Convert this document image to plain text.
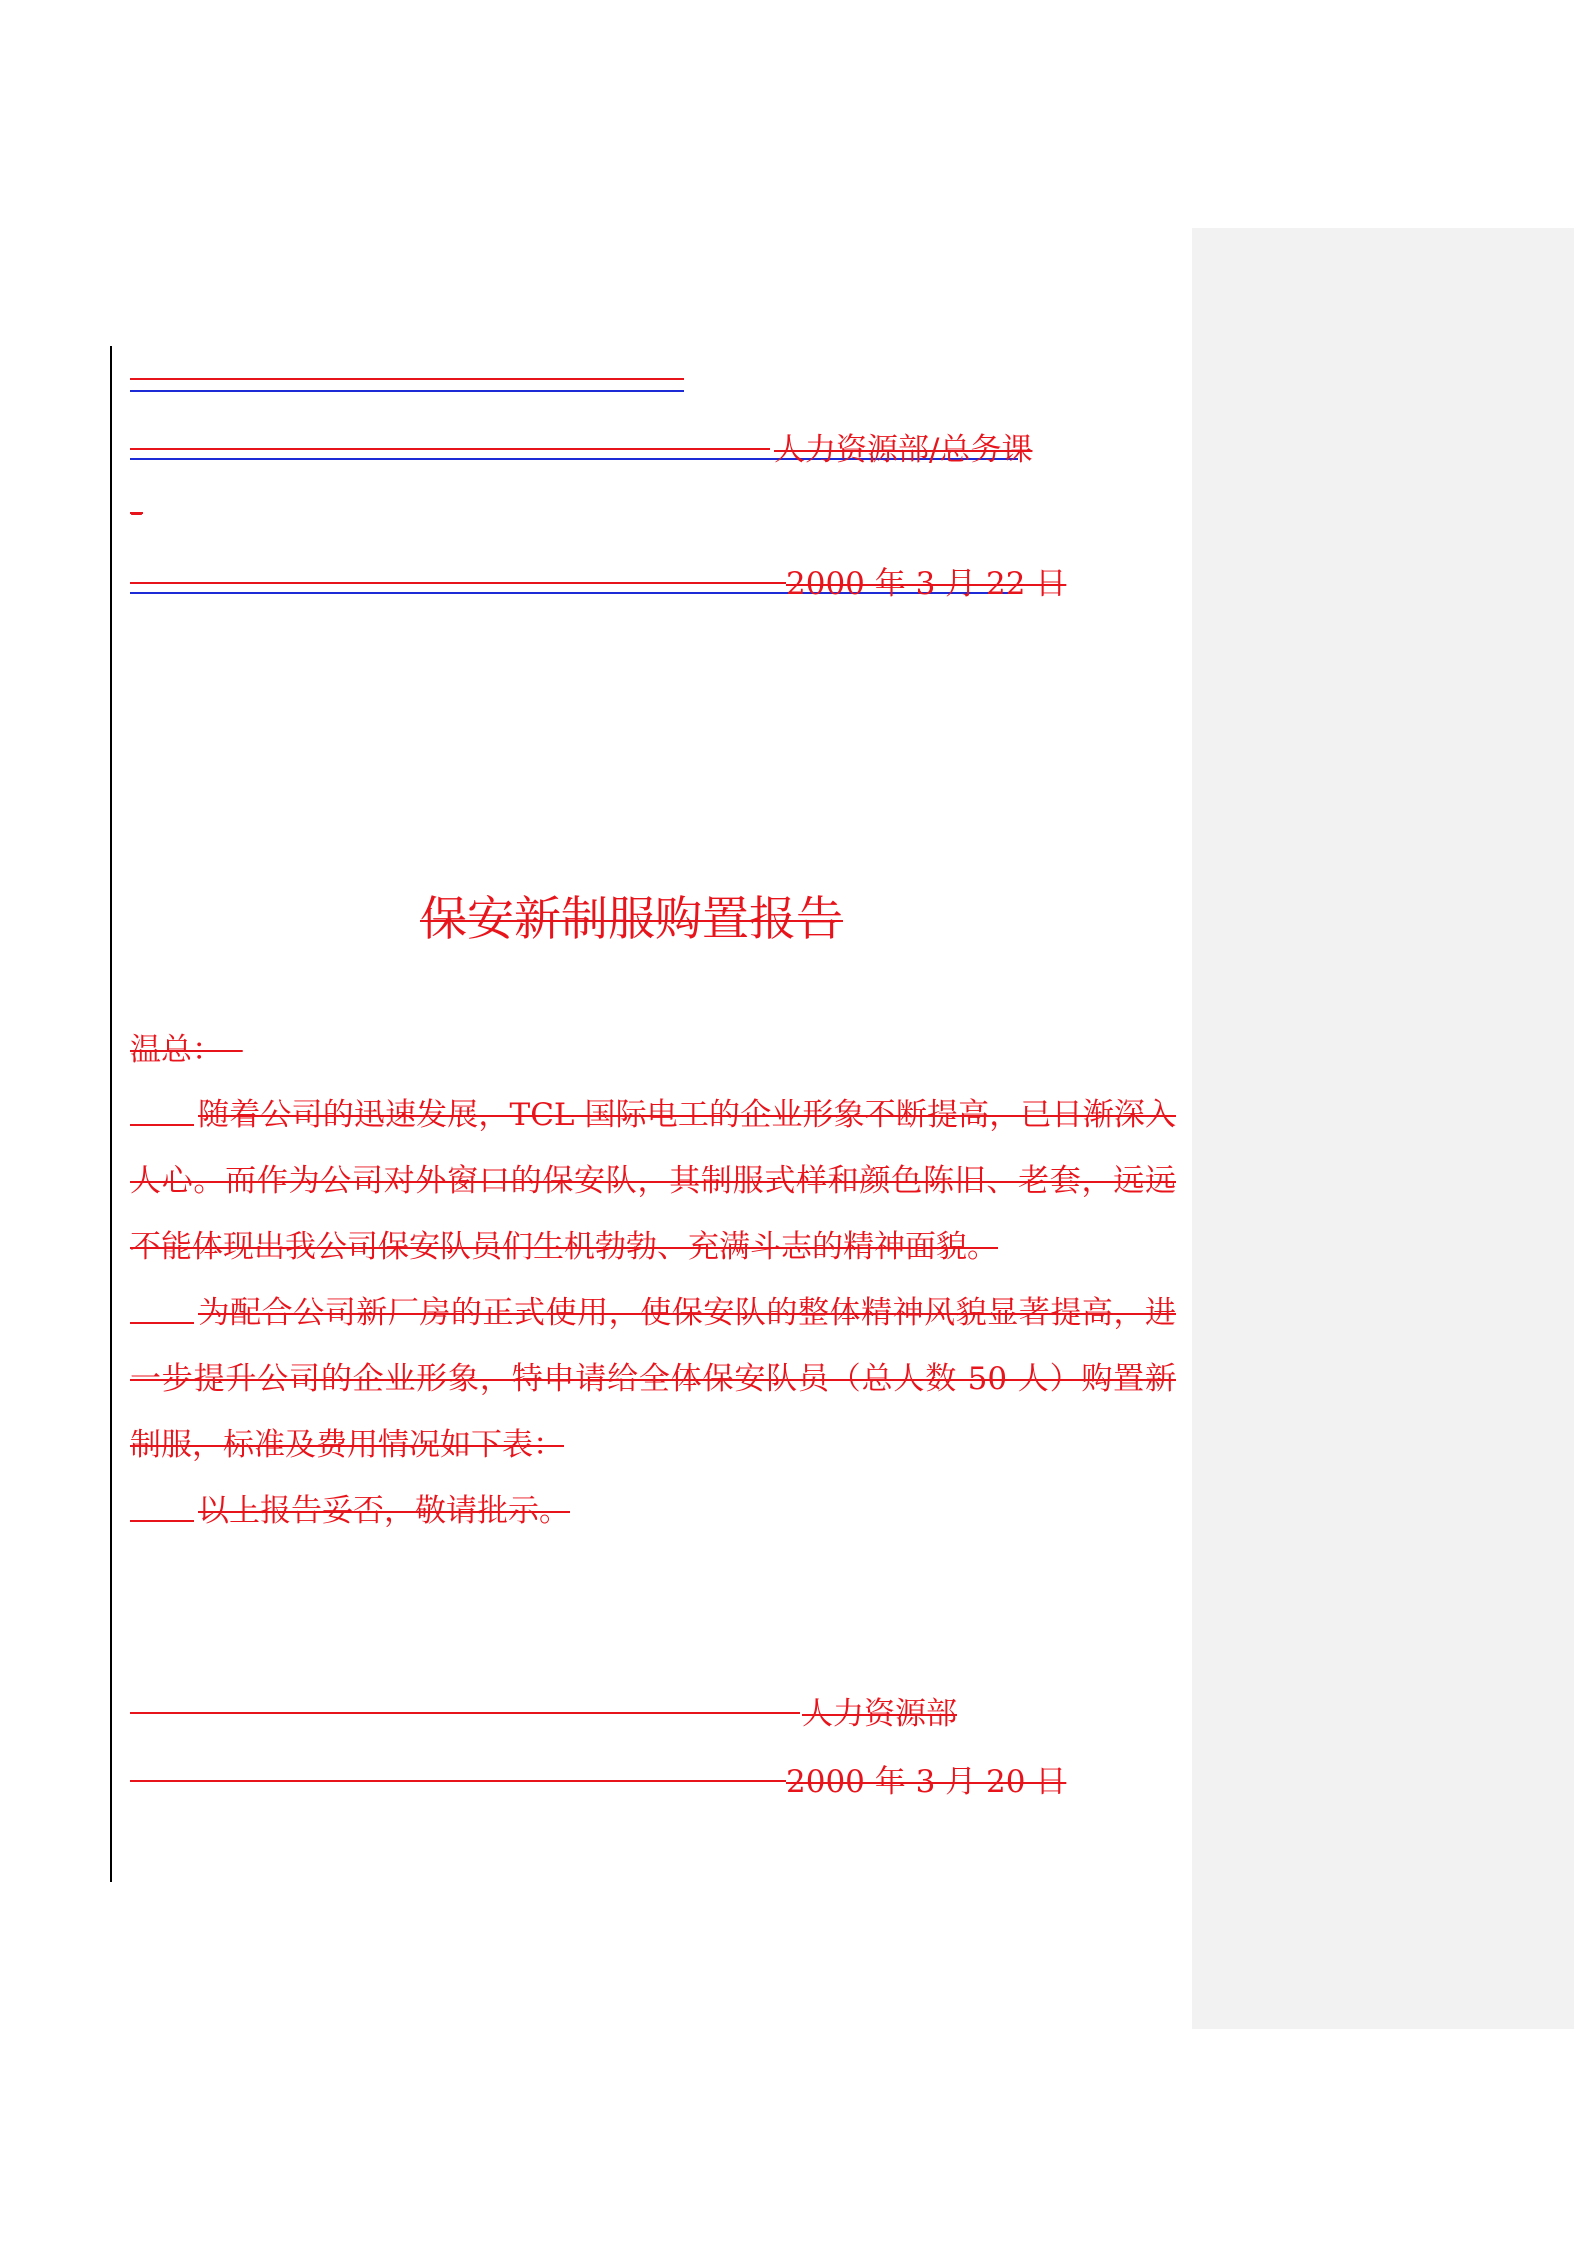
人力资源部/总务课
–
2000 年 3 月 22 日
保安新制服购置报告
温总：
随着公司的迅速发展，TCL 国际电工的企业形象不断提高，已日渐深入人心。而作为公司对外窗口的保安队，其制服式样和颜色陈旧、老套，远远不能体现出我公司保安队员们生机勃勃、充满斗志的精神面貌。
为配合公司新厂房的正式使用，使保安队的整体精神风貌显著提高，进一步提升公司的企业形象，特申请给全体保安队员（总人数 50 人）购置新制服，标准及费用情况如下表：
以上报告妥否，敬请批示。
人力资源部
2000 年 3 月 20 日
